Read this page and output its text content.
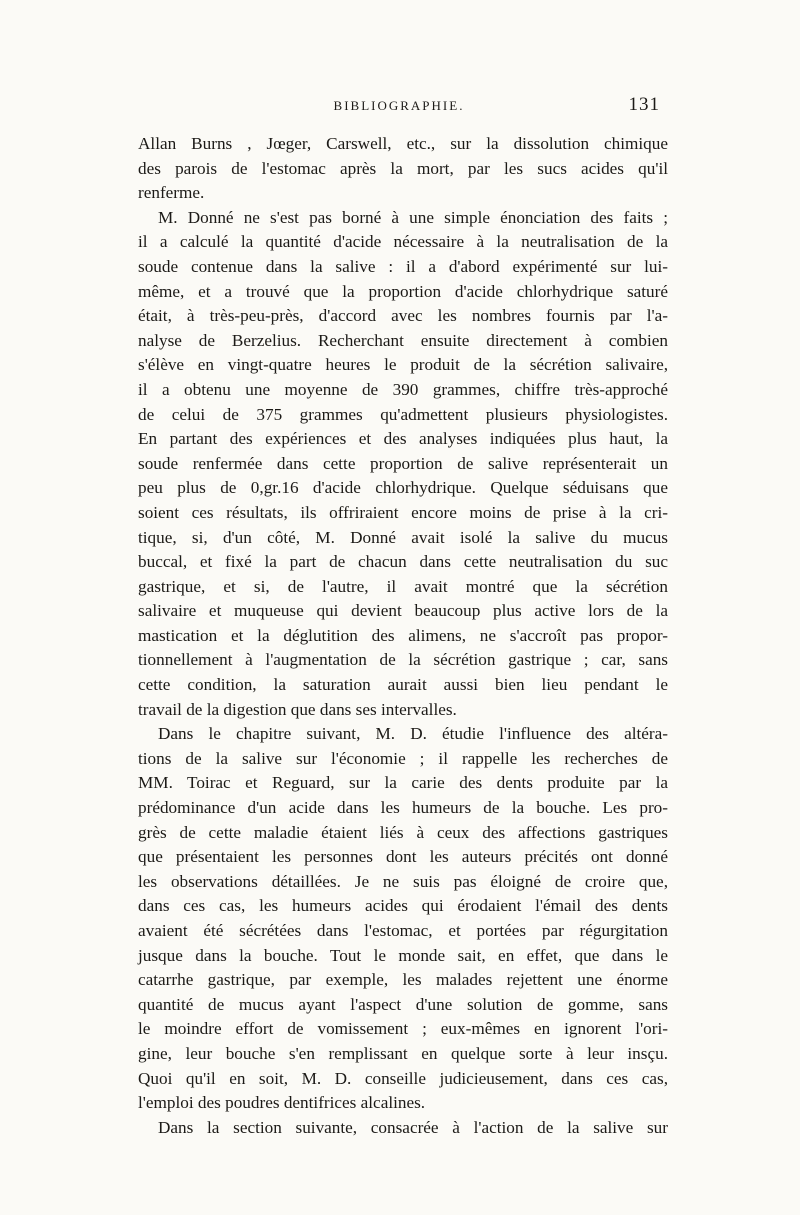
BIBLIOGRAPHIE.	131
Allan Burns , Jœger, Carswell, etc., sur la dissolution chimique
des parois de l'estomac après la mort, par les sucs acides qu'il
renferme.
M. Donné ne s'est pas borné à une simple énonciation des faits ;
il a calculé la quantité d'acide nécessaire à la neutralisation de la
soude contenue dans la salive : il a d'abord expérimenté sur lui-
même, et a trouvé que la proportion d'acide chlorhydrique saturé
était, à très-peu-près, d'accord avec les nombres fournis par l'a-
nalyse de Berzelius. Recherchant ensuite directement à combien
s'élève en vingt-quatre heures le produit de la sécrétion salivaire,
il a obtenu une moyenne de 390 grammes, chiffre très-approché
de celui de 375 grammes qu'admettent plusieurs physiologistes.
En partant des expériences et des analyses indiquées plus haut, la
soude renfermée dans cette proportion de salive représenterait un
peu plus de 0,gr.16 d'acide chlorhydrique. Quelque séduisans que
soient ces résultats, ils offriraient encore moins de prise à la cri-
tique, si, d'un côté, M. Donné avait isolé la salive du mucus
buccal, et fixé la part de chacun dans cette neutralisation du suc
gastrique, et si, de l'autre, il avait montré que la sécrétion
salivaire et muqueuse qui devient beaucoup plus active lors de la
mastication et la déglutition des alimens, ne s'accroît pas propor-
tionnellement à l'augmentation de la sécrétion gastrique ; car, sans
cette condition, la saturation aurait aussi bien lieu pendant le
travail de la digestion que dans ses intervalles.
Dans le chapitre suivant, M. D. étudie l'influence des altéra-
tions de la salive sur l'économie ; il rappelle les recherches de
MM. Toirac et Reguard, sur la carie des dents produite par la
prédominance d'un acide dans les humeurs de la bouche. Les pro-
grès de cette maladie étaient liés à ceux des affections gastriques
que présentaient les personnes dont les auteurs précités ont donné
les observations détaillées. Je ne suis pas éloigné de croire que,
dans ces cas, les humeurs acides qui érodaient l'émail des dents
avaient été sécrétées dans l'estomac, et portées par régurgitation
jusque dans la bouche. Tout le monde sait, en effet, que dans le
catarrhe gastrique, par exemple, les malades rejettent une énorme
quantité de mucus ayant l'aspect d'une solution de gomme, sans
le moindre effort de vomissement ; eux-mêmes en ignorent l'ori-
gine, leur bouche s'en remplissant en quelque sorte à leur insçu.
Quoi qu'il en soit, M. D. conseille judicieusement, dans ces cas,
l'emploi des poudres dentifrices alcalines.
Dans la section suivante, consacrée à l'action de la salive sur
